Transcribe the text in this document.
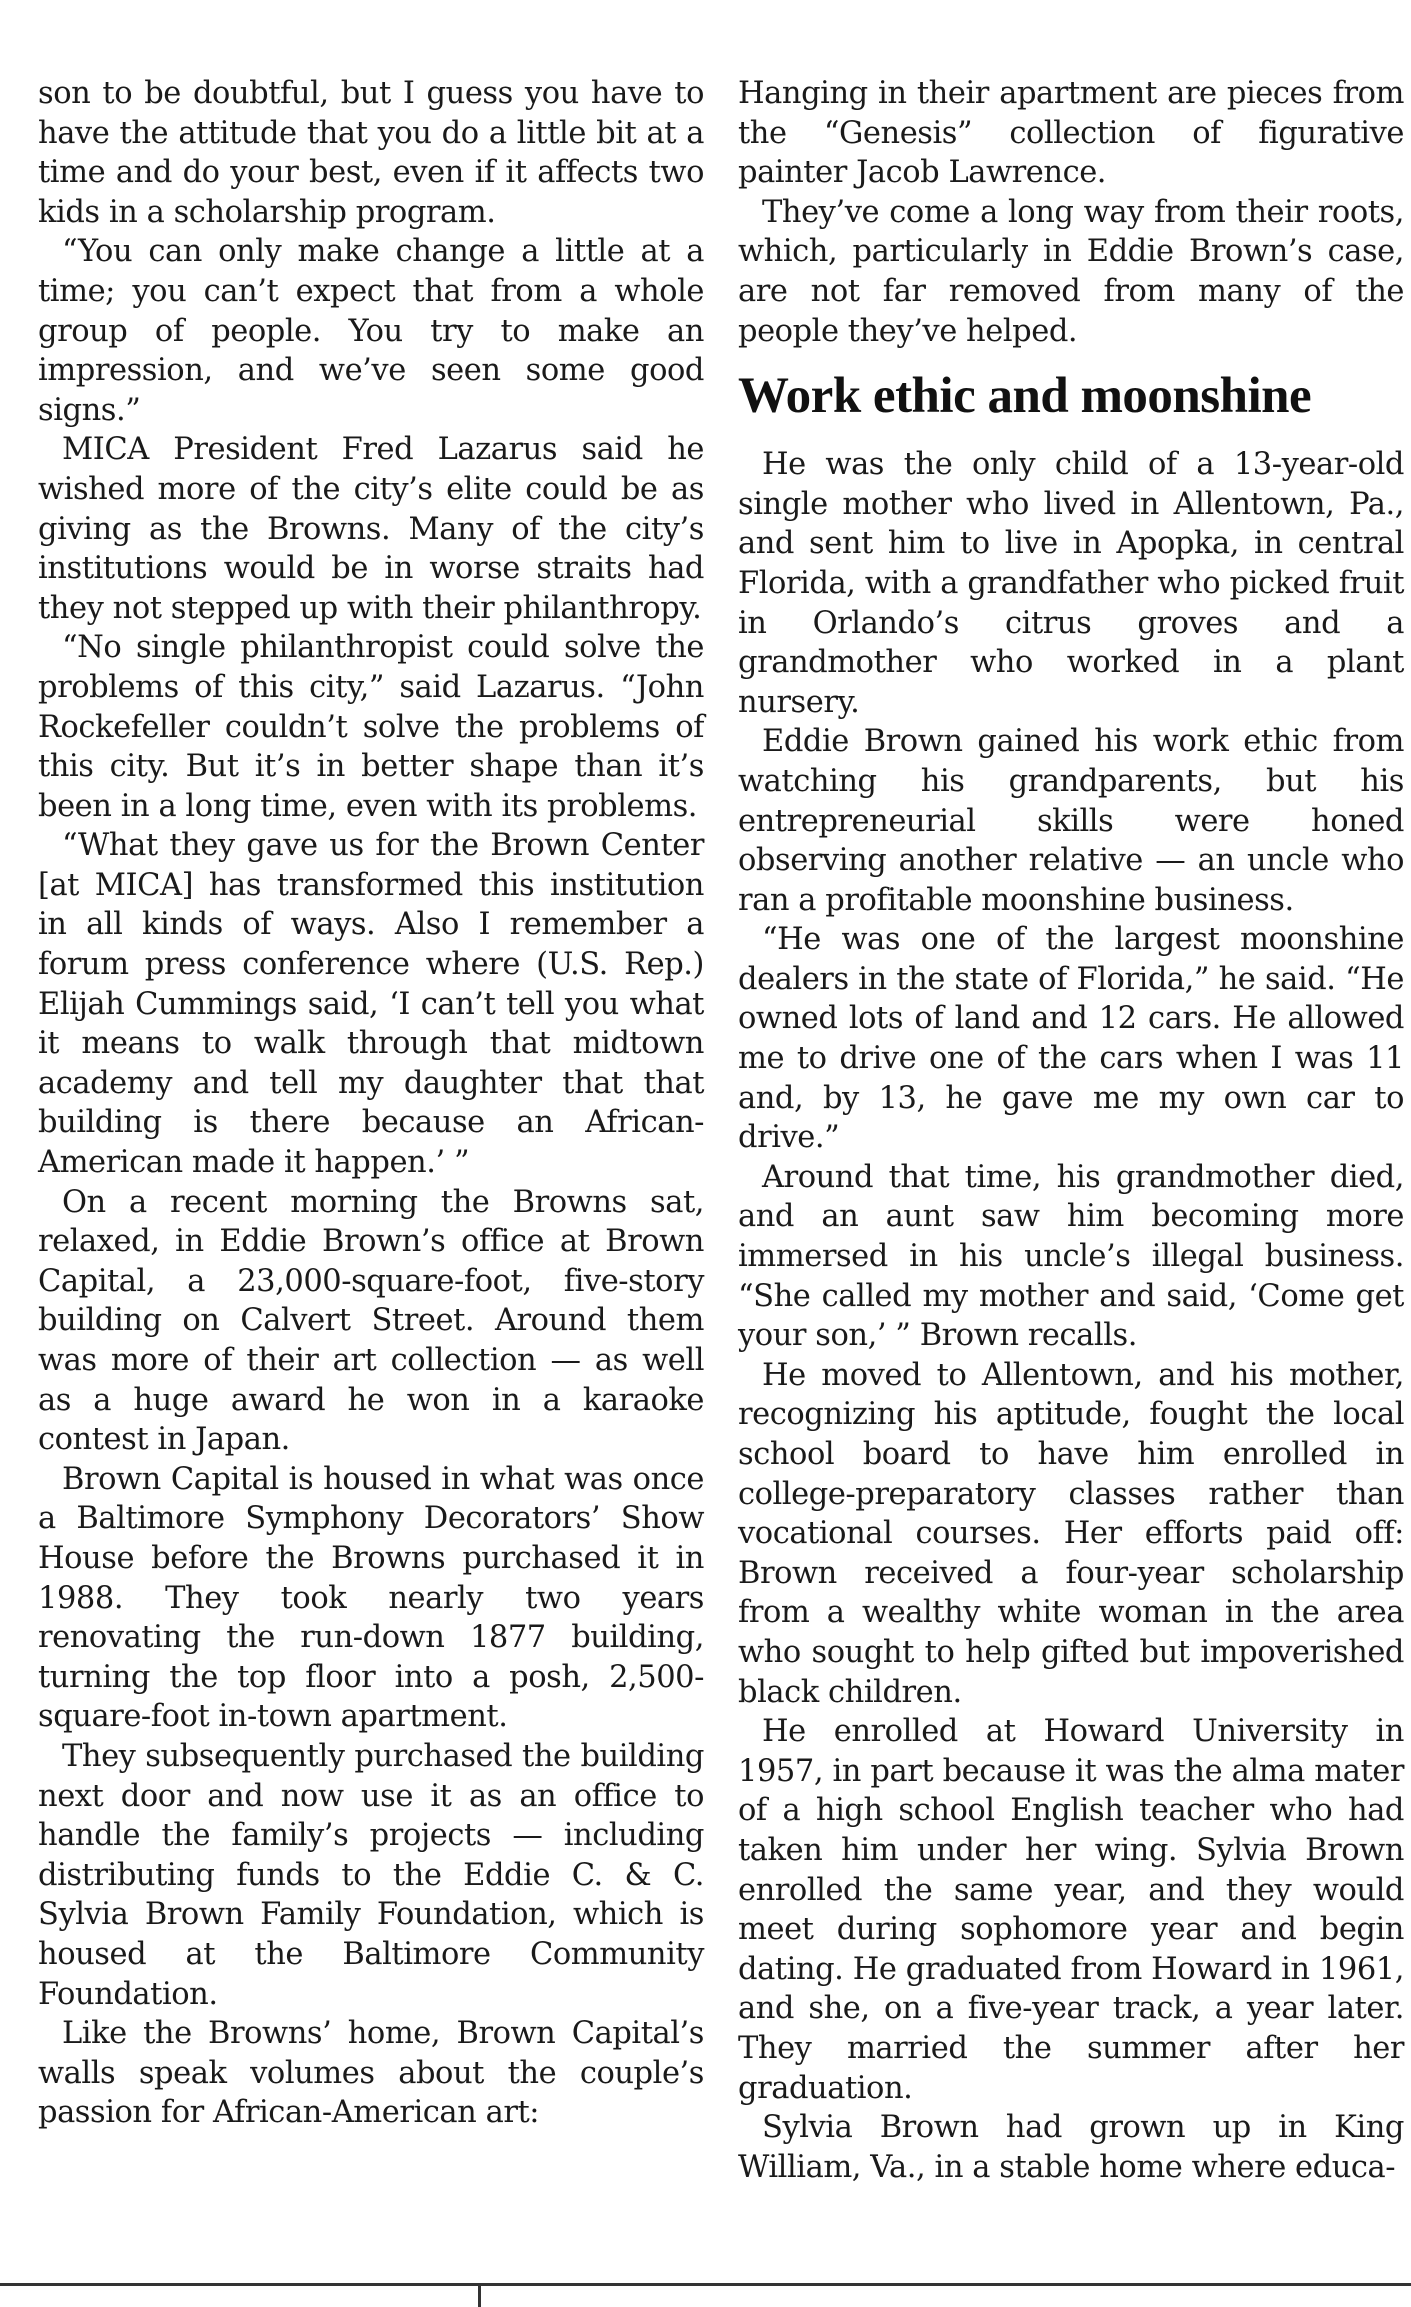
son to be doubtful, but I guess you have to have the attitude that you do a little bit at a time and do your best, even if it affects two kids in a scholarship program.

“You can only make change a little at a time; you can’t expect that from a whole group of people. You try to make an impression, and we’ve seen some good signs.”

MICA President Fred Lazarus said he wished more of the city’s elite could be as giving as the Browns. Many of the city’s institutions would be in worse straits had they not stepped up with their philanthropy.

“No single philanthropist could solve the problems of this city,” said Lazarus. “John Rockefeller couldn’t solve the problems of this city. But it’s in better shape than it’s been in a long time, even with its problems.

“What they gave us for the Brown Center [at MICA] has transformed this institution in all kinds of ways. Also I remember a forum press conference where (U.S. Rep.) Elijah Cummings said, ‘I can’t tell you what it means to walk through that midtown academy and tell my daughter that that building is there because an African-American made it happen.’ ”

On a recent morning the Browns sat, relaxed, in Eddie Brown’s office at Brown Capital, a 23,000-square-foot, five-story building on Calvert Street. Around them was more of their art collection — as well as a huge award he won in a karaoke contest in Japan.

Brown Capital is housed in what was once a Baltimore Symphony Decorators’ Show House before the Browns purchased it in 1988. They took nearly two years renovating the run-down 1877 building, turning the top floor into a posh, 2,500-square-foot in-town apartment.

They subsequently purchased the building next door and now use it as an office to handle the family’s projects — including distributing funds to the Eddie C. & C. Sylvia Brown Family Foundation, which is housed at the Baltimore Community Foundation.

Like the Browns’ home, Brown Capital’s walls speak volumes about the couple’s passion for African-American art:

Hanging in their apartment are pieces from the “Genesis” collection of figurative painter Jacob Lawrence.

They’ve come a long way from their roots, which, particularly in Eddie Brown’s case, are not far removed from many of the people they’ve helped.

Work ethic and moonshine

He was the only child of a 13-year-old single mother who lived in Allentown, Pa., and sent him to live in Apopka, in central Florida, with a grandfather who picked fruit in Orlando’s citrus groves and a grandmother who worked in a plant nursery.

Eddie Brown gained his work ethic from watching his grandparents, but his entrepreneurial skills were honed observing another relative — an uncle who ran a profitable moonshine business.

“He was one of the largest moonshine dealers in the state of Florida,” he said. “He owned lots of land and 12 cars. He allowed me to drive one of the cars when I was 11 and, by 13, he gave me my own car to drive.”

Around that time, his grandmother died, and an aunt saw him becoming more immersed in his uncle’s illegal business. “She called my mother and said, ‘Come get your son,’ ” Brown recalls.

He moved to Allentown, and his mother, recognizing his aptitude, fought the local school board to have him enrolled in college-preparatory classes rather than vocational courses. Her efforts paid off: Brown received a four-year scholarship from a wealthy white woman in the area who sought to help gifted but impoverished black children.

He enrolled at Howard University in 1957, in part because it was the alma mater of a high school English teacher who had taken him under her wing. Sylvia Brown enrolled the same year, and they would meet during sophomore year and begin dating. He graduated from Howard in 1961, and she, on a five-year track, a year later. They married the summer after her graduation.

Sylvia Brown had grown up in King William, Va., in a stable home where educa-
